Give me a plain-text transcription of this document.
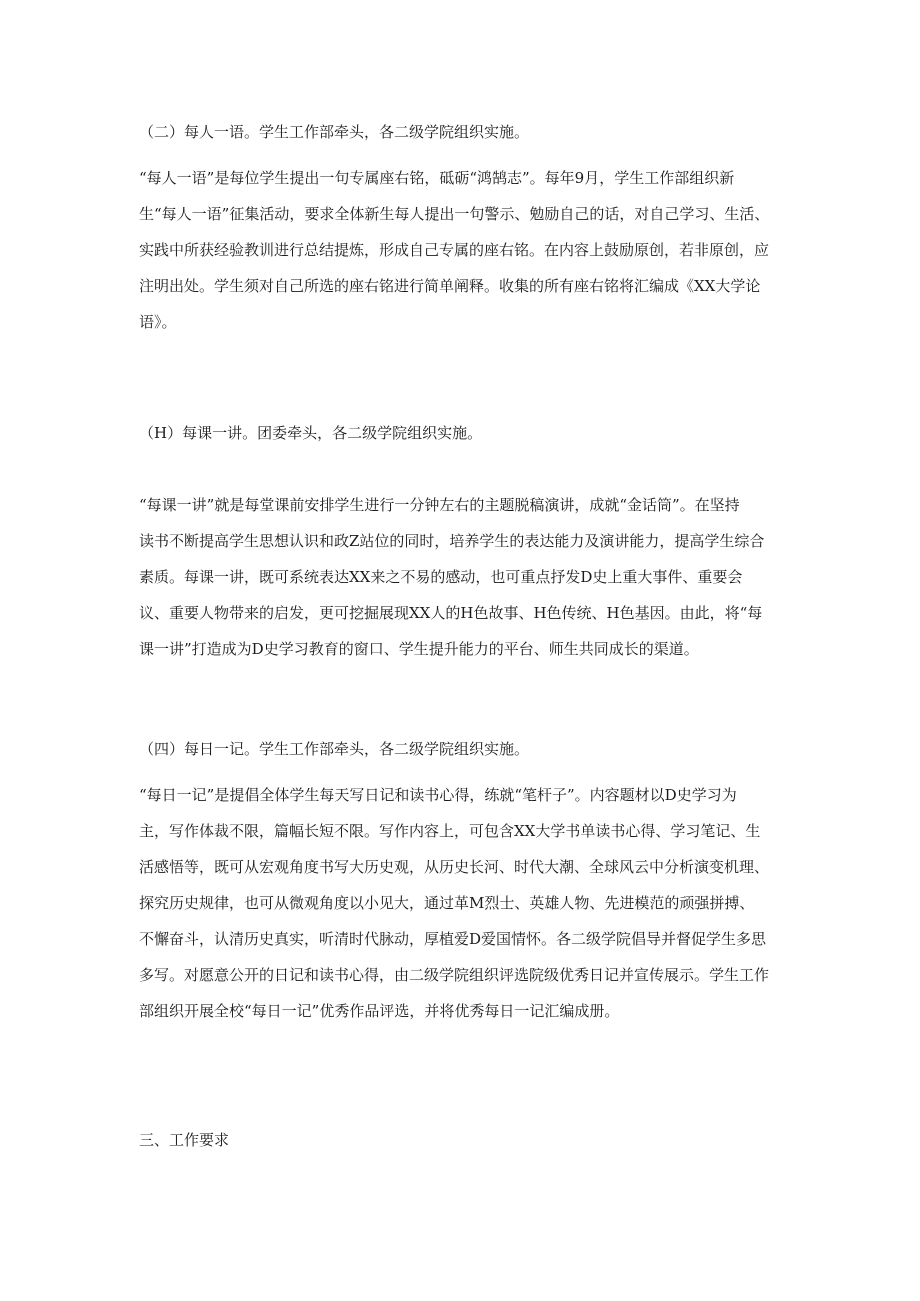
（二）每人一语。学生工作部牵头，各二级学院组织实施。

“每人一语”是每位学生提出一句专属座右铭，砥砺“鸿鹄志”。每年9月，学生工作部组织新
生“每人一语”征集活动，要求全体新生每人提出一句警示、勉励自己的话，对自己学习、生活、
实践中所获经验教训进行总结提炼，形成自己专属的座右铭。在内容上鼓励原创，若非原创，应
注明出处。学生须对自己所选的座右铭进行简单阐释。收集的所有座右铭将汇编成《XX大学论
语》。

（H）每课一讲。团委牵头，各二级学院组织实施。

“每课一讲”就是每堂课前安排学生进行一分钟左右的主题脱稿演讲，成就“金话筒”。在坚持
读书不断提高学生思想认识和政Z站位的同时，培养学生的表达能力及演讲能力，提高学生综合
素质。每课一讲，既可系统表达XX来之不易的感动，也可重点抒发D史上重大事件、重要会
议、重要人物带来的启发，更可挖掘展现XX人的H色故事、H色传统、H色基因。由此，将“每
课一讲”打造成为D史学习教育的窗口、学生提升能力的平台、师生共同成长的渠道。

（四）每日一记。学生工作部牵头，各二级学院组织实施。

“每日一记”是提倡全体学生每天写日记和读书心得，练就“笔杆子”。内容题材以D史学习为
主，写作体裁不限，篇幅长短不限。写作内容上，可包含XX大学书单读书心得、学习笔记、生
活感悟等，既可从宏观角度书写大历史观，从历史长河、时代大潮、全球风云中分析演变机理、
探究历史规律，也可从微观角度以小见大，通过革M烈士、英雄人物、先进模范的顽强拼搏、
不懈奋斗，认清历史真实，听清时代脉动，厚植爱D爱国情怀。各二级学院倡导并督促学生多思
多写。对愿意公开的日记和读书心得，由二级学院组织评选院级优秀日记并宣传展示。学生工作
部组织开展全校“每日一记”优秀作品评选，并将优秀每日一记汇编成册。

三、工作要求
